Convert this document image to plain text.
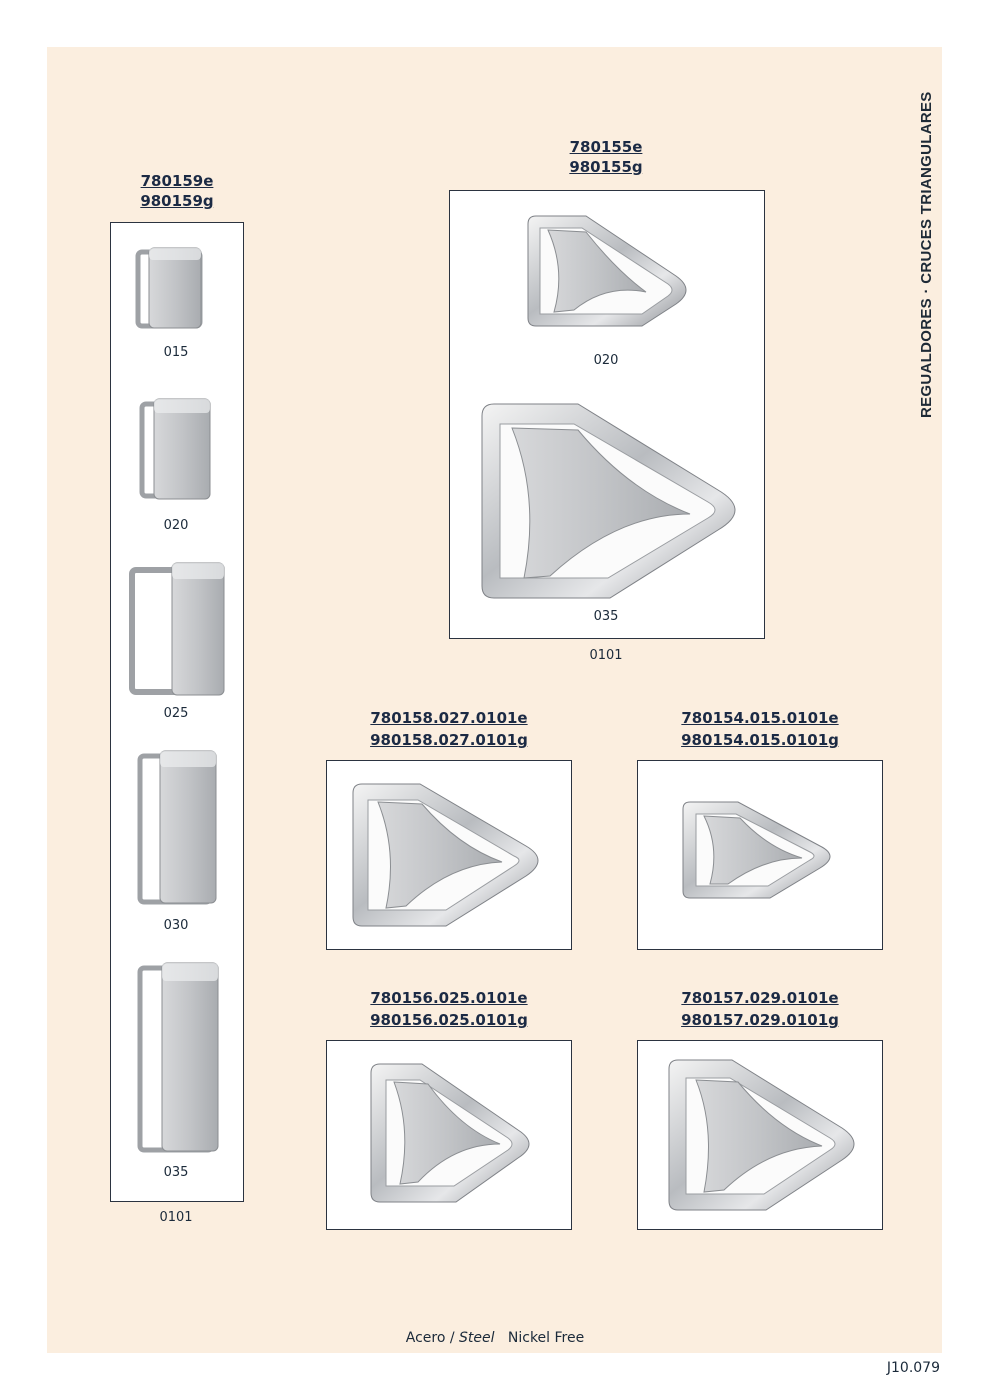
REGUALDORES · CRUCES TRIANGULARES
780159e
980159g
015
020
025
030
035
0101
780155e
980155g
020
035
0101
780158.027.0101e
980158.027.0101g
780154.015.0101e
980154.015.0101g
780156.025.0101e
980156.025.0101g
780157.029.0101e
980157.029.0101g
Acero / Steel Nickel Free
J10.079
